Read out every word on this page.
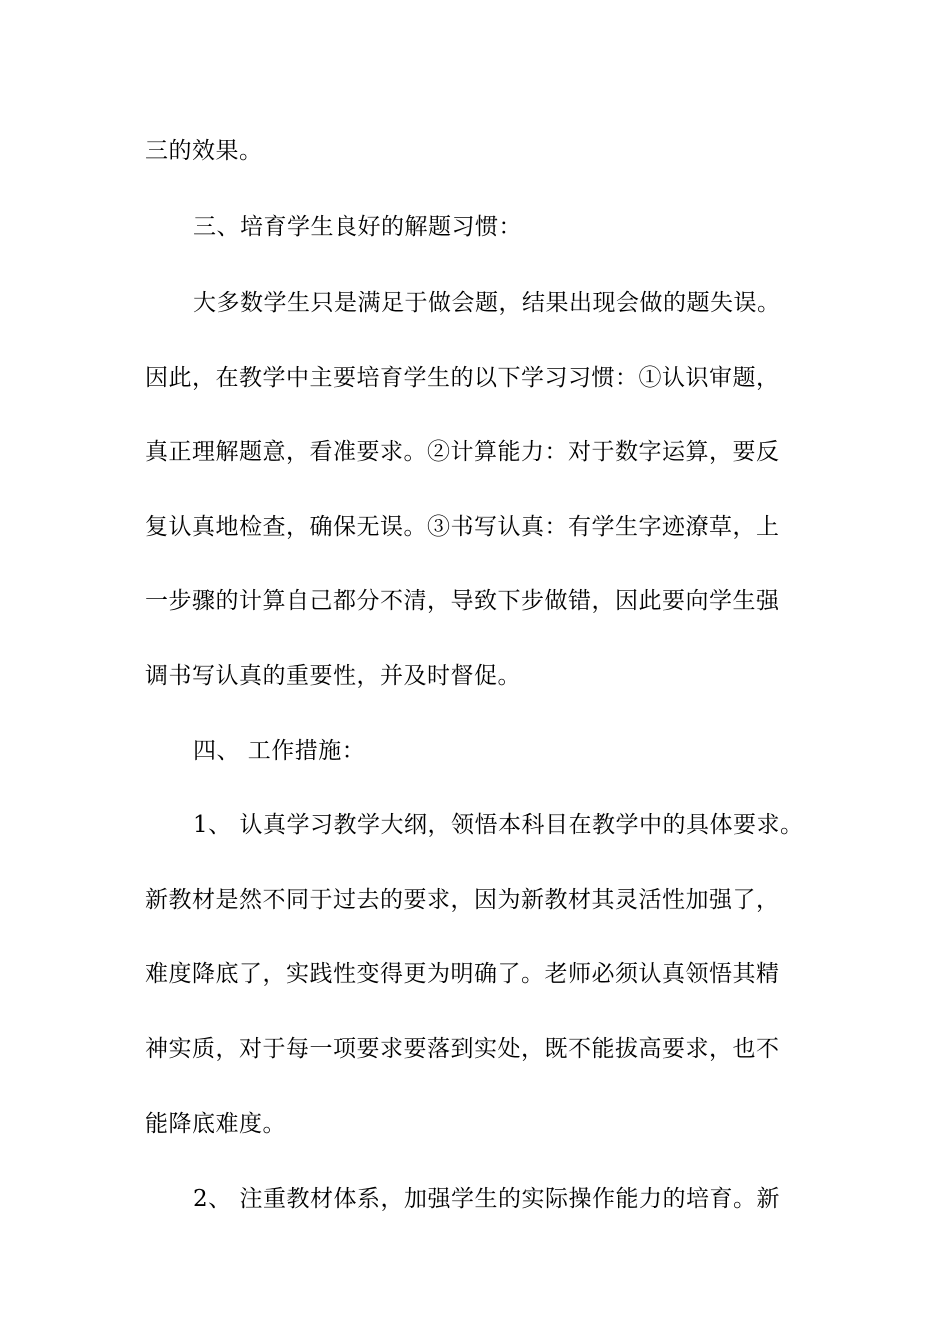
三的效果。
三、培育学生良好的解题习惯：
大多数学生只是满足于做会题，结果出现会做的题失误。
因此，在教学中主要培育学生的以下学习习惯：①认识审题，
真正理解题意，看准要求。②计算能力：对于数字运算，要反
复认真地检查，确保无误。③书写认真：有学生字迹潦草，上
一步骤的计算自己都分不清，导致下步做错，因此要向学生强
调书写认真的重要性，并及时督促。
四、 工作措施：
1、 认真学习教学大纲，领悟本科目在教学中的具体要求。
新教材是然不同于过去的要求，因为新教材其灵活性加强了，
难度降底了，实践性变得更为明确了。老师必须认真领悟其精
神实质，对于每一项要求要落到实处，既不能拔高要求，也不
能降底难度。
2、 注重教材体系，加强学生的实际操作能力的培育。新
